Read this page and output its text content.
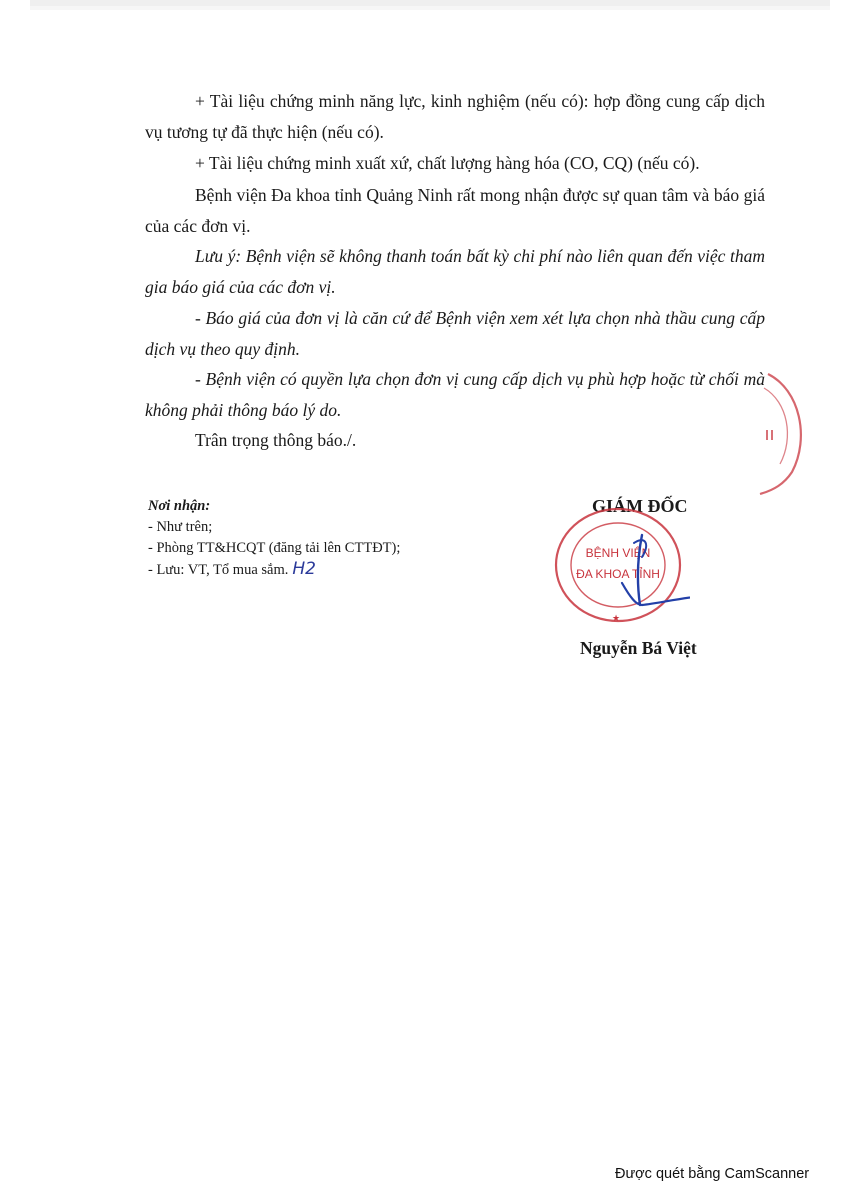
+ Tài liệu chứng minh năng lực, kinh nghiệm (nếu có): hợp đồng cung cấp dịch vụ tương tự đã thực hiện (nếu có).

+ Tài liệu chứng minh xuất xứ, chất lượng hàng hóa (CO, CQ) (nếu có).

Bệnh viện Đa khoa tỉnh Quảng Ninh rất mong nhận được sự quan tâm và báo giá của các đơn vị.

Lưu ý: Bệnh viện sẽ không thanh toán bất kỳ chi phí nào liên quan đến việc tham gia báo giá của các đơn vị.

- Báo giá của đơn vị là căn cứ để Bệnh viện xem xét lựa chọn nhà thầu cung cấp dịch vụ theo quy định.

- Bệnh viện có quyền lựa chọn đơn vị cung cấp dịch vụ phù hợp hoặc từ chối mà không phải thông báo lý do.

Trân trọng thông báo./.

Nơi nhận:
- Như trên;
- Phòng TT&HCQT (đăng tải lên CTTĐT);
- Lưu: VT, Tổ mua sắm. H2
GIÁM ĐỐC
BỆNH VIỆN
ĐA KHOA TỈNH
★
Nguyễn Bá Việt
Được quét bằng CamScanner
